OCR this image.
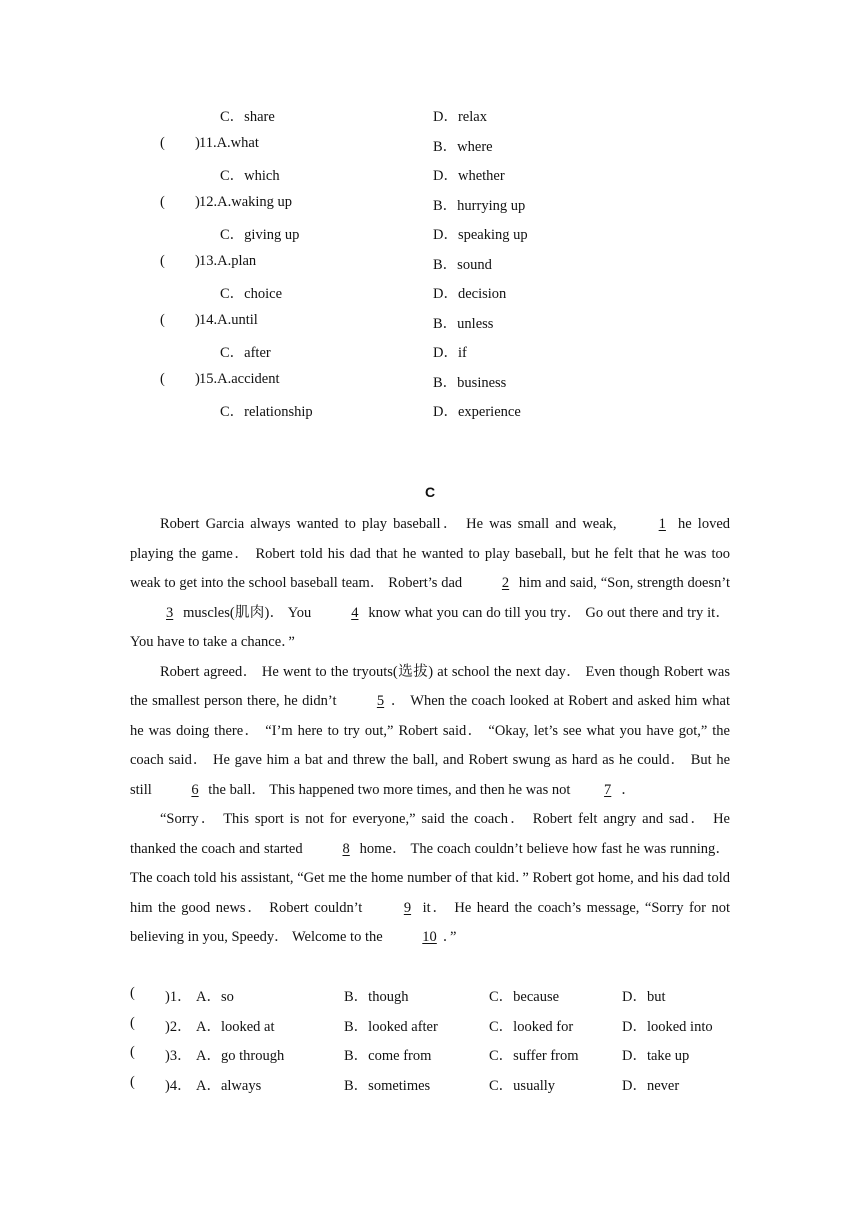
C．share	D．relax
( ) 11.A.what	B．where
C．which	D．whether
( ) 12.A.waking up	B．hurrying up
C．giving up	D．speaking up
( ) 13.A.plan	B．sound
C．choice	D．decision
( ) 14.A.until	B．unless
C．after	D．if
( ) 15.A.accident	B．business
C．relationship	D．experience
C

Robert Garcia always wanted to play baseball． He was small and weak, 1 he loved playing the game． Robert told his dad that he wanted to play baseball, but he felt that he was too weak to get into the school baseball team． Robert’s dad 2 him and said, “Son, strength doesn’t 3 muscles(肌肉)． You 4 know what you can do till you try． Go out there and try it． You have to take a chance．”

Robert agreed． He went to the tryouts(选拔) at school the next day． Even though Robert was the smallest person there, he didn’t 5 ． When the coach looked at Robert and asked him what he was doing there． “I’m here to try out,” Robert said． “Okay, let’s see what you have got,” the coach said． He gave him a bat and threw the ball, and Robert swung as hard as he could． But he still 6 the ball． This happened two more times, and then he was not 7 ．

“Sorry． This sport is not for everyone,” said the coach． Robert felt angry and sad． He thanked the coach and started 8 home． The coach couldn’t believe how fast he was running． The coach told his assistant, “Get me the home number of that kid．” Robert got home, and his dad told him the good news． Robert couldn’t 9 it． He heard the coach’s message, “Sorry for not believing in you, Speedy． Welcome to the 10 ．”

( )1． A．so	B．though	C．because	D．but
( )2． A．looked at	B．looked after	C．looked for	D．looked into
( )3． A．go through	B．come from	C．suffer from	D．take up
( )4． A．always	B．sometimes	C．usually	D．never
